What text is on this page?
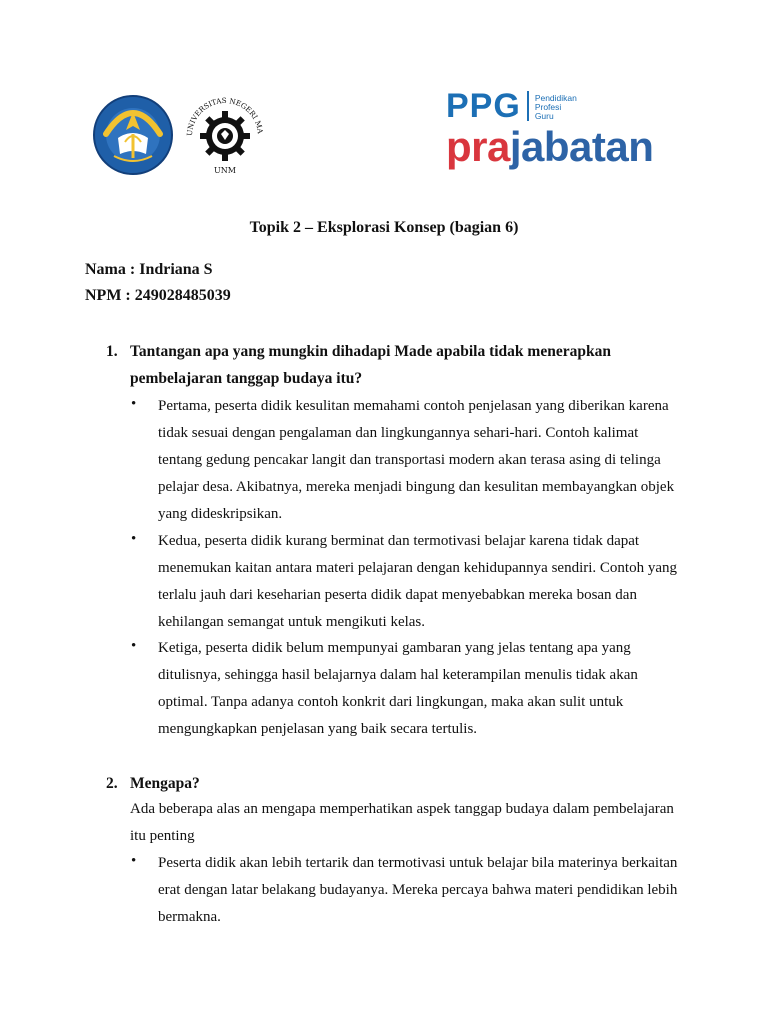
UNIVERSITAS NEGERI MA
UNM
PPG Pendidikan
Profesi
Guru
prajabatan
Topik 2 – Eksplorasi Konsep (bagian 6)
Nama : Indriana S
NPM : 249028485039
1. Tantangan apa yang mungkin dihadapi Made apabila tidak menerapkan
pembelajaran tanggap budaya itu?
• Pertama, peserta didik kesulitan memahami contoh penjelasan yang diberikan karena
tidak sesuai dengan pengalaman dan lingkungannya sehari-hari. Contoh kalimat
tentang gedung pencakar langit dan transportasi modern akan terasa asing di telinga
pelajar desa. Akibatnya, mereka menjadi bingung dan kesulitan membayangkan objek
yang dideskripsikan.
• Kedua, peserta didik kurang berminat dan termotivasi belajar karena tidak dapat
menemukan kaitan antara materi pelajaran dengan kehidupannya sendiri. Contoh yang
terlalu jauh dari keseharian peserta didik dapat menyebabkan mereka bosan dan
kehilangan semangat untuk mengikuti kelas.
• Ketiga, peserta didik belum mempunyai gambaran yang jelas tentang apa yang
ditulisnya, sehingga hasil belajarnya dalam hal keterampilan menulis tidak akan
optimal. Tanpa adanya contoh konkrit dari lingkungan, maka akan sulit untuk
mengungkapkan penjelasan yang baik secara tertulis.
2. Mengapa?
Ada beberapa alas an mengapa memperhatikan aspek tanggap budaya dalam pembelajaran
itu penting
• Peserta didik akan lebih tertarik dan termotivasi untuk belajar bila materinya berkaitan
erat dengan latar belakang budayanya. Mereka percaya bahwa materi pendidikan lebih
bermakna.
